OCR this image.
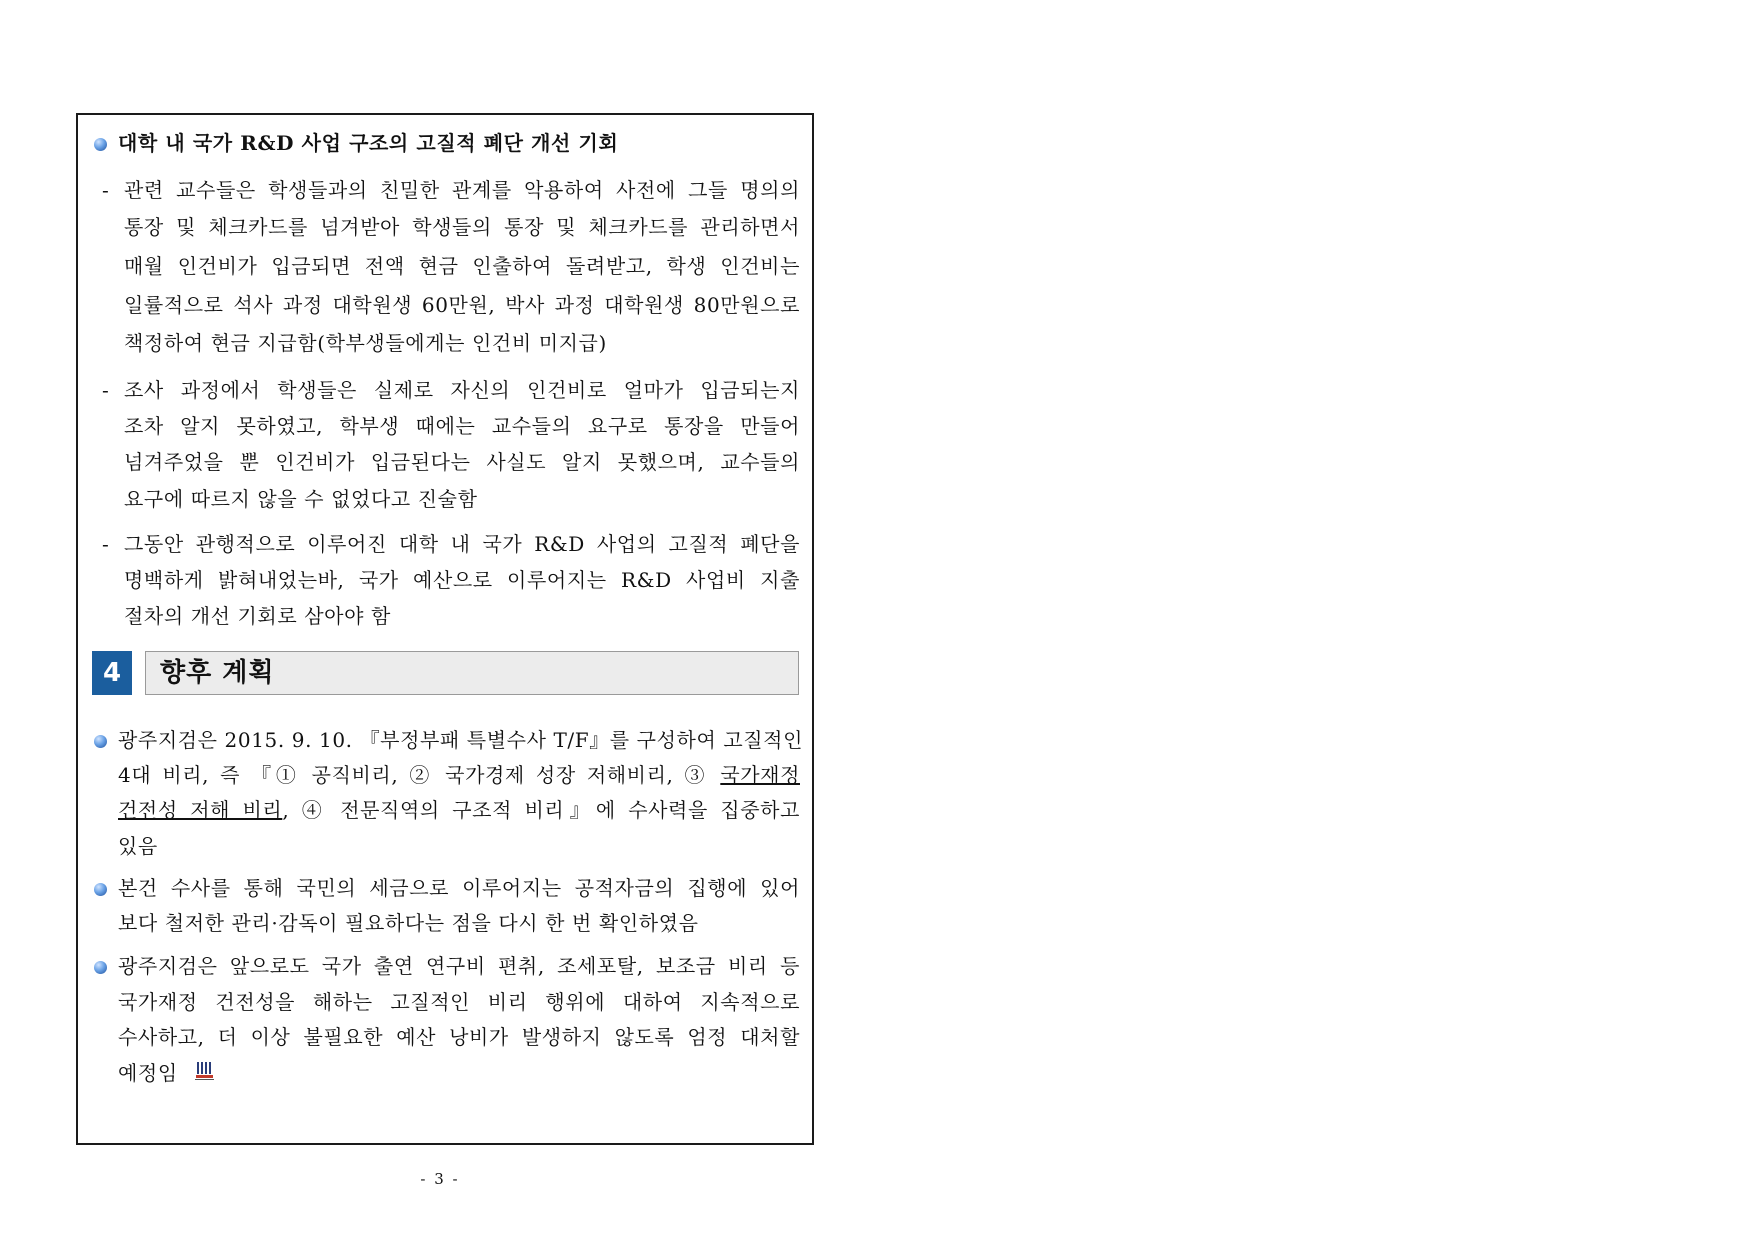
대학 내 국가 R&D 사업 구조의 고질적 폐단 개선 기회
- 관련 교수들은 학생들과의 친밀한 관계를 악용하여 사전에 그들 명의의
통장 및 체크카드를 넘겨받아 학생들의 통장 및 체크카드를 관리하면서
매월 인건비가 입금되면 전액 현금 인출하여 돌려받고, 학생 인건비는
일률적으로 석사 과정 대학원생 60만원, 박사 과정 대학원생 80만원으로
책정하여 현금 지급함(학부생들에게는 인건비 미지급)
- 조사 과정에서 학생들은 실제로 자신의 인건비로 얼마가 입금되는지
조차 알지 못하였고, 학부생 때에는 교수들의 요구로 통장을 만들어
넘겨주었을 뿐 인건비가 입금된다는 사실도 알지 못했으며, 교수들의
요구에 따르지 않을 수 없었다고 진술함
- 그동안 관행적으로 이루어진 대학 내 국가 R&D 사업의 고질적 폐단을
명백하게 밝혀내었는바, 국가 예산으로 이루어지는 R&D 사업비 지출
절차의 개선 기회로 삼아야 함
4	향후 계획
광주지검은 2015. 9. 10. 『부정부패 특별수사 T/F』를 구성하여 고질적인
4대 비리, 즉 『① 공직비리, ② 국가경제 성장 저해비리, ③ 국가재정
건전성 저해 비리, ④ 전문직역의 구조적 비리』에 수사력을 집중하고
있음
본건 수사를 통해 국민의 세금으로 이루어지는 공적자금의 집행에 있어
보다 철저한 관리·감독이 필요하다는 점을 다시 한 번 확인하였음
광주지검은 앞으로도 국가 출연 연구비 편취, 조세포탈, 보조금 비리 등
국가재정 건전성을 해하는 고질적인 비리 행위에 대하여 지속적으로
수사하고, 더 이상 불필요한 예산 낭비가 발생하지 않도록 엄정 대처할
예정임
- 3 -
